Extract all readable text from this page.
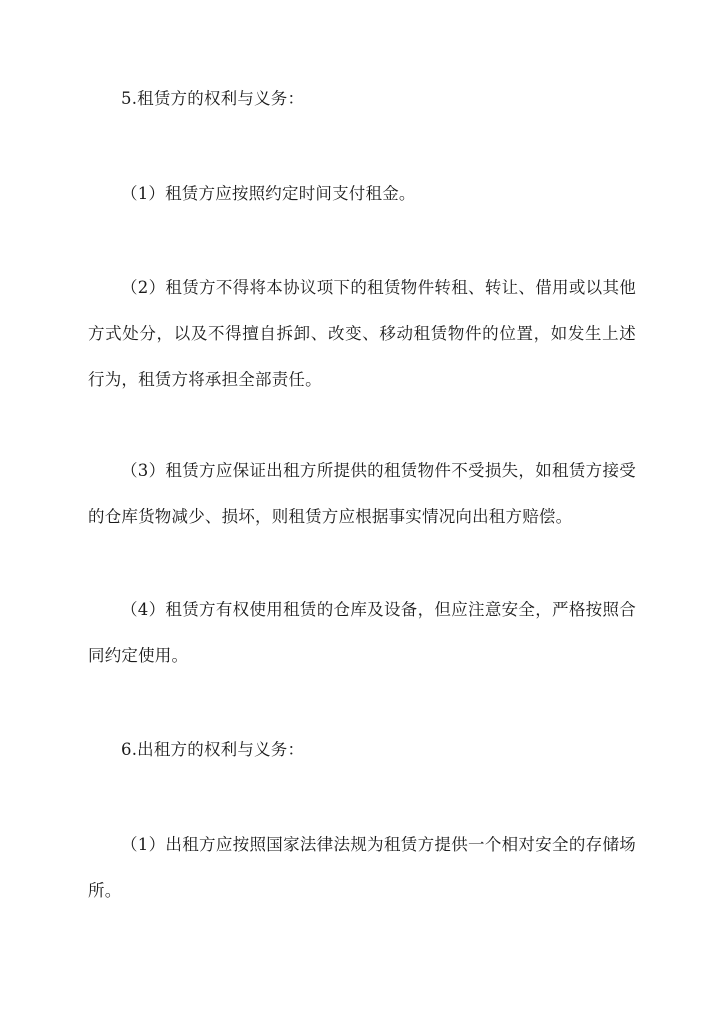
5.租赁方的权利与义务：

（1）租赁方应按照约定时间支付租金。

（2）租赁方不得将本协议项下的租赁物件转租、转让、借用或以其他方式处分，以及不得擅自拆卸、改变、移动租赁物件的位置，如发生上述行为，租赁方将承担全部责任。

（3）租赁方应保证出租方所提供的租赁物件不受损失，如租赁方接受的仓库货物减少、损坏，则租赁方应根据事实情况向出租方赔偿。

（4）租赁方有权使用租赁的仓库及设备，但应注意安全，严格按照合同约定使用。

6.出租方的权利与义务：

（1）出租方应按照国家法律法规为租赁方提供一个相对安全的存储场所。
